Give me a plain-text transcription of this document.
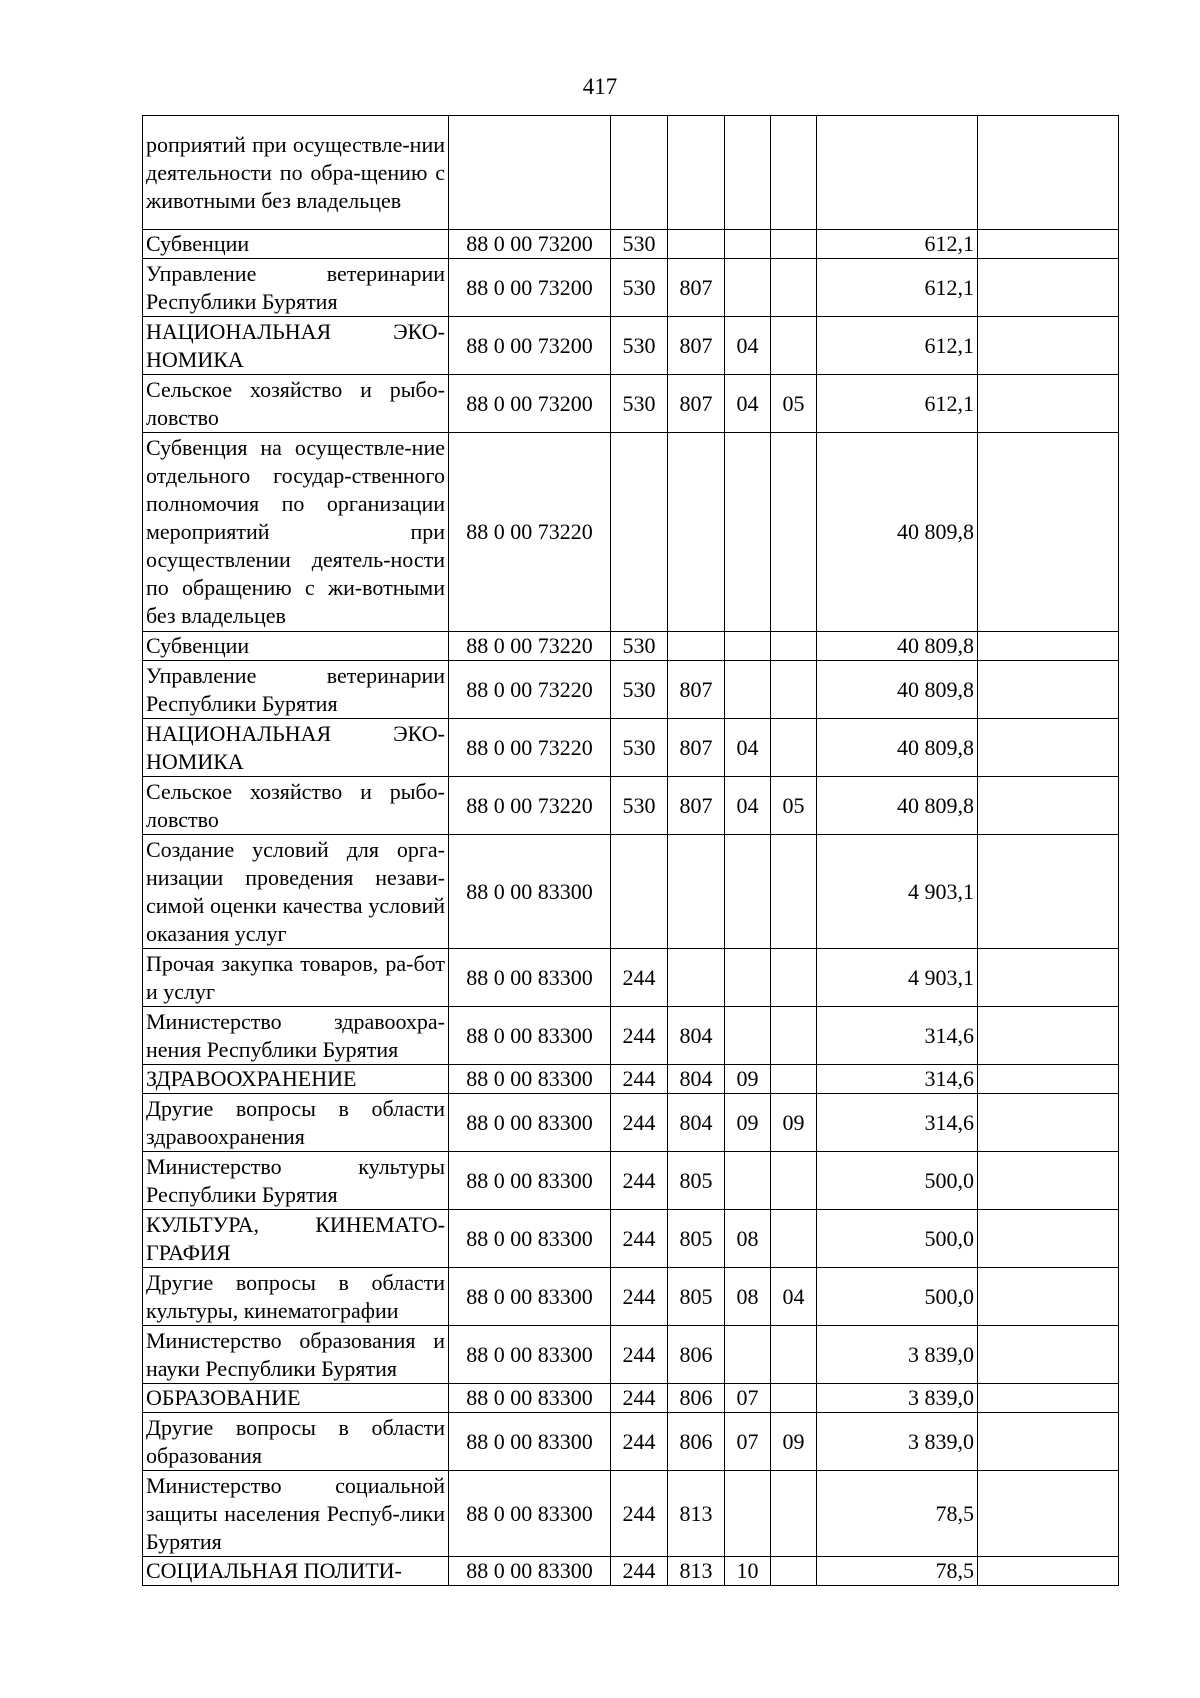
417
роприятий при осуществле-нии деятельности по обра-щению с животными без владельцев							
Субвенции	88 0 00 73200	530				612,1	
Управление ветеринарии Республики Бурятия	88 0 00 73200	530	807			612,1	
НАЦИОНАЛЬНАЯ ЭКО-НОМИКА	88 0 00 73200	530	807	04		612,1	
Сельское хозяйство и рыбо-ловство	88 0 00 73200	530	807	04	05	612,1	
Субвенция на осуществле-ние отдельного государ-ственного полномочия по организации мероприятий при осуществлении деятель-ности по обращению с жи-вотными без владельцев	88 0 00 73220					40 809,8	
Субвенции	88 0 00 73220	530				40 809,8	
Управление ветеринарии Республики Бурятия	88 0 00 73220	530	807			40 809,8	
НАЦИОНАЛЬНАЯ ЭКО-НОМИКА	88 0 00 73220	530	807	04		40 809,8	
Сельское хозяйство и рыбо-ловство	88 0 00 73220	530	807	04	05	40 809,8	
Создание условий для орга-низации проведения незави-симой оценки качества условий оказания услуг	88 0 00 83300					4 903,1	
Прочая закупка товаров, ра-бот и услуг	88 0 00 83300	244				4 903,1	
Министерство здравоохра-нения Республики Бурятия	88 0 00 83300	244	804			314,6	
ЗДРАВООХРАНЕНИЕ	88 0 00 83300	244	804	09		314,6	
Другие вопросы в области здравоохранения	88 0 00 83300	244	804	09	09	314,6	
Министерство культуры Республики Бурятия	88 0 00 83300	244	805			500,0	
КУЛЬТУРА, КИНЕМАТО-ГРАФИЯ	88 0 00 83300	244	805	08		500,0	
Другие вопросы в области культуры, кинематографии	88 0 00 83300	244	805	08	04	500,0	
Министерство образования и науки Республики Бурятия	88 0 00 83300	244	806			3 839,0	
ОБРАЗОВАНИЕ	88 0 00 83300	244	806	07		3 839,0	
Другие вопросы в области образования	88 0 00 83300	244	806	07	09	3 839,0	
Министерство социальной защиты населения Респуб-лики Бурятия	88 0 00 83300	244	813			78,5	
СОЦИАЛЬНАЯ ПОЛИТИ-	88 0 00 83300	244	813	10		78,5	
